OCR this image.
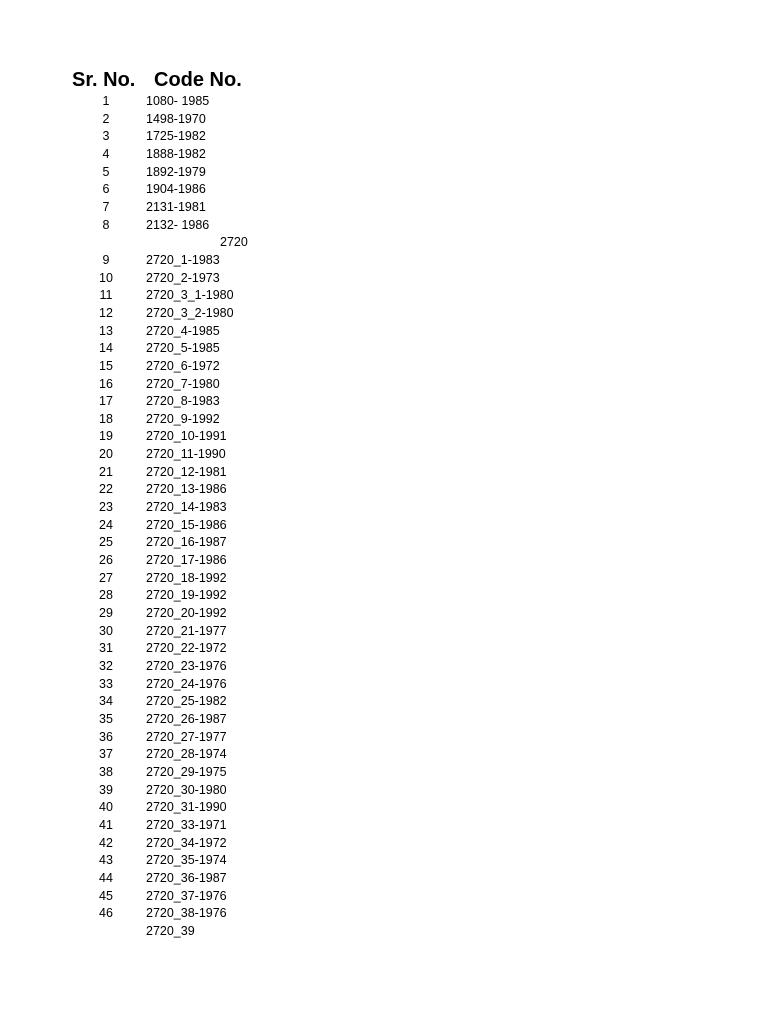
Sr. No. Code No.
1	1080- 1985
2	1498-1970
3	1725-1982
4	1888-1982
5	1892-1979
6	1904-1986
7	2131-1981
8	2132- 1986
2720
9	2720_1-1983
10	2720_2-1973
11	2720_3_1-1980
12	2720_3_2-1980
13	2720_4-1985
14	2720_5-1985
15	2720_6-1972
16	2720_7-1980
17	2720_8-1983
18	2720_9-1992
19	2720_10-1991
20	2720_11-1990
21	2720_12-1981
22	2720_13-1986
23	2720_14-1983
24	2720_15-1986
25	2720_16-1987
26	2720_17-1986
27	2720_18-1992
28	2720_19-1992
29	2720_20-1992
30	2720_21-1977
31	2720_22-1972
32	2720_23-1976
33	2720_24-1976
34	2720_25-1982
35	2720_26-1987
36	2720_27-1977
37	2720_28-1974
38	2720_29-1975
39	2720_30-1980
40	2720_31-1990
41	2720_33-1971
42	2720_34-1972
43	2720_35-1974
44	2720_36-1987
45	2720_37-1976
46	2720_38-1976
2720_39
